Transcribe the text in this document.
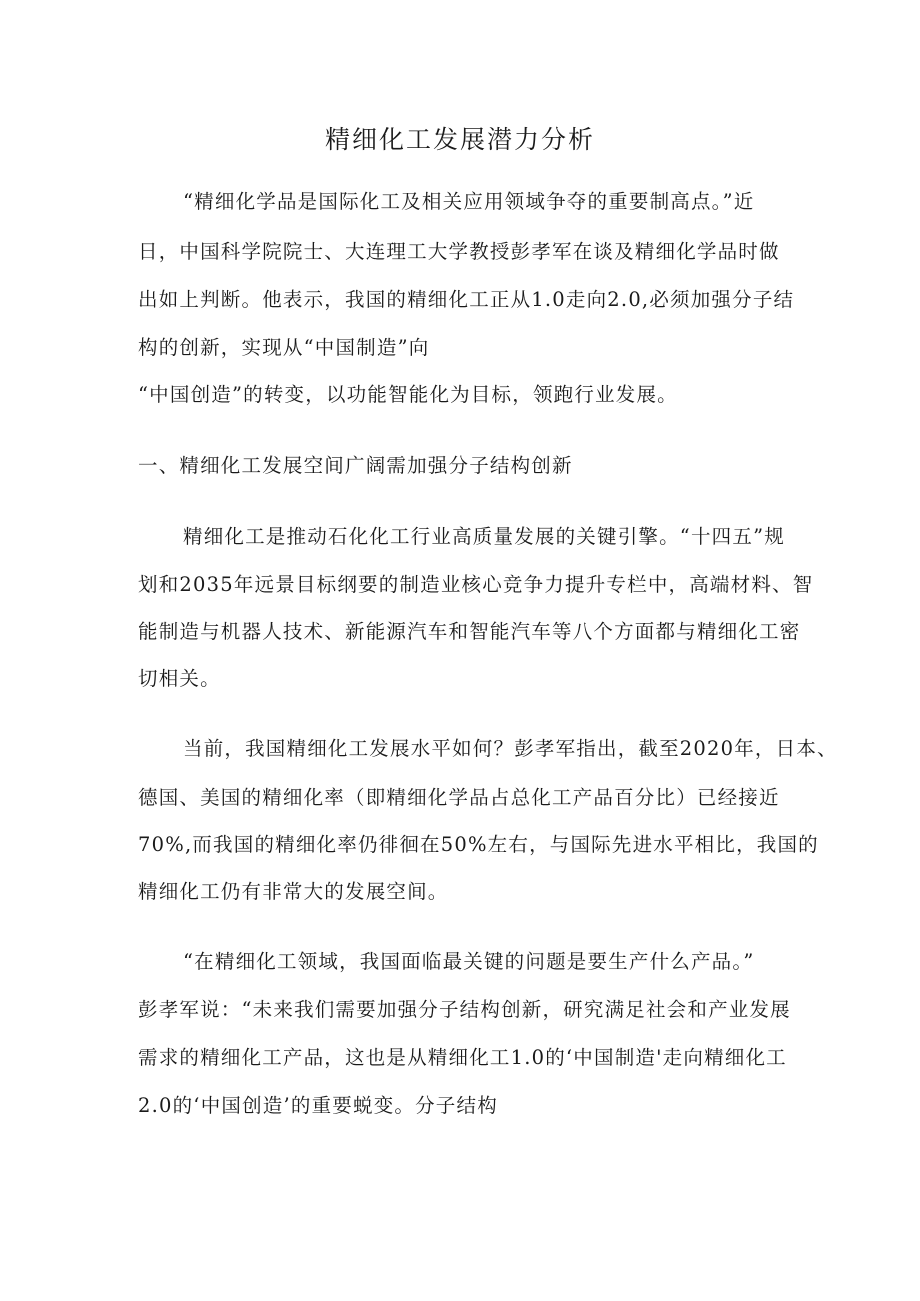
精细化工发展潜力分析

“精细化学品是国际化工及相关应用领域争夺的重要制高点。”近

日，中国科学院院士、大连理工大学教授彭孝军在谈及精细化学品时做

出如上判断。他表示，我国的精细化工正从1.0走向2.0,必须加强分子结

构的创新，实现从“中国制造”向

“中国创造”的转变，以功能智能化为目标，领跑行业发展。

一、精细化工发展空间广阔需加强分子结构创新

精细化工是推动石化化工行业高质量发展的关键引擎。“十四五”规

划和2035年远景目标纲要的制造业核心竞争力提升专栏中，高端材料、智

能制造与机器人技术、新能源汽车和智能汽车等八个方面都与精细化工密

切相关。

当前，我国精细化工发展水平如何？彭孝军指出，截至2020年，日本、

德国、美国的精细化率（即精细化学品占总化工产品百分比）已经接近

70%,而我国的精细化率仍徘徊在50%左右，与国际先进水平相比，我国的

精细化工仍有非常大的发展空间。

“在精细化工领域，我国面临最关键的问题是要生产什么产品。”

彭孝军说：“未来我们需要加强分子结构创新，研究满足社会和产业发展

需求的精细化工产品，这也是从精细化工1.0的‘中国制造'走向精细化工

2.0的‘中国创造’的重要蜕变。分子结构
